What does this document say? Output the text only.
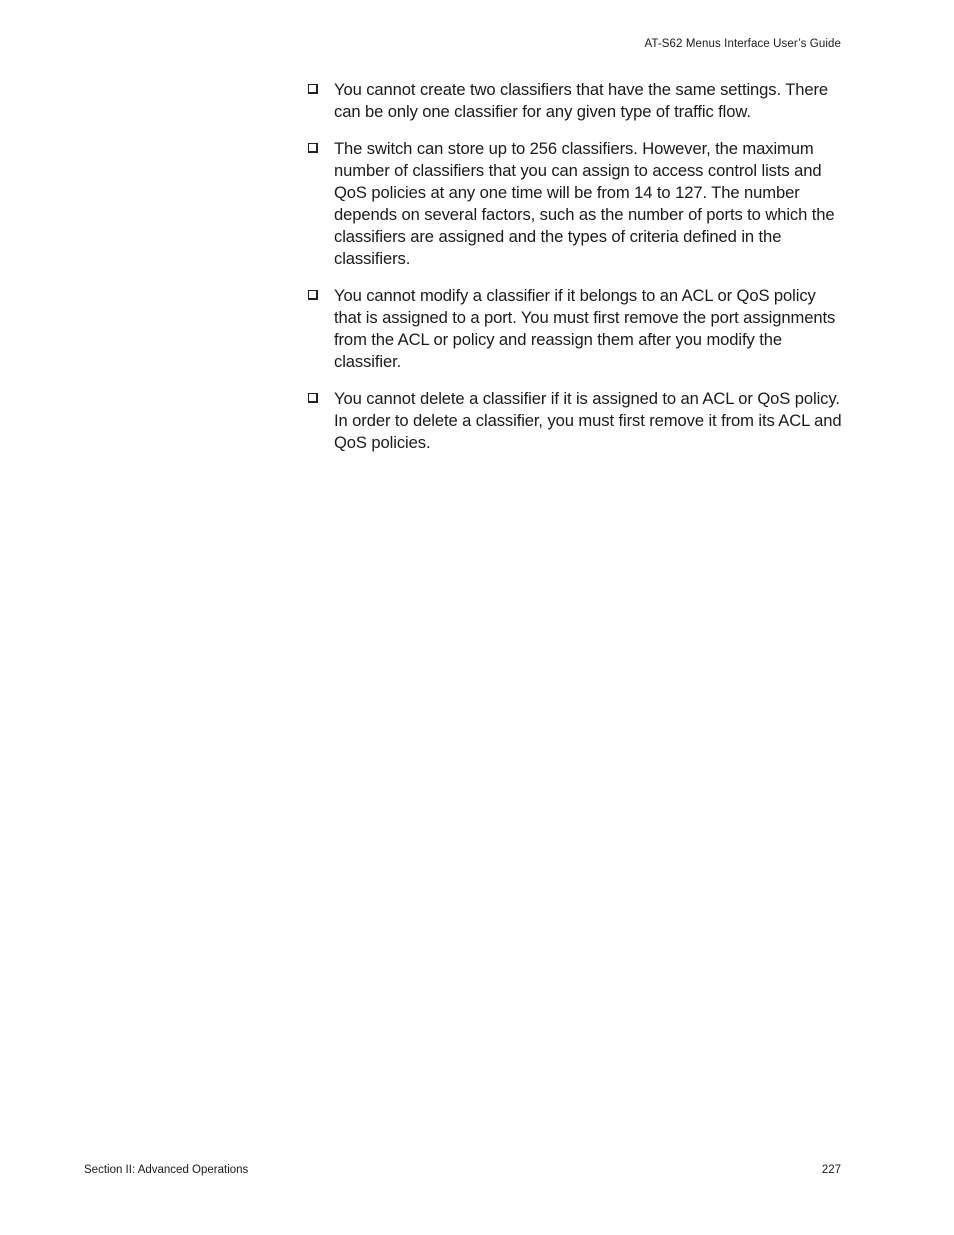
AT-S62 Menus Interface User’s Guide
You cannot create two classifiers that have the same settings. There can be only one classifier for any given type of traffic flow.
The switch can store up to 256 classifiers. However, the maximum number of classifiers that you can assign to access control lists and QoS policies at any one time will be from 14 to 127. The number depends on several factors, such as the number of ports to which the classifiers are assigned and the types of criteria defined in the classifiers.
You cannot modify a classifier if it belongs to an ACL or QoS policy that is assigned to a port. You must first remove the port assignments from the ACL or policy and reassign them after you modify the classifier.
You cannot delete a classifier if it is assigned to an ACL or QoS policy. In order to delete a classifier, you must first remove it from its ACL and QoS policies.
Section II: Advanced Operations	227
